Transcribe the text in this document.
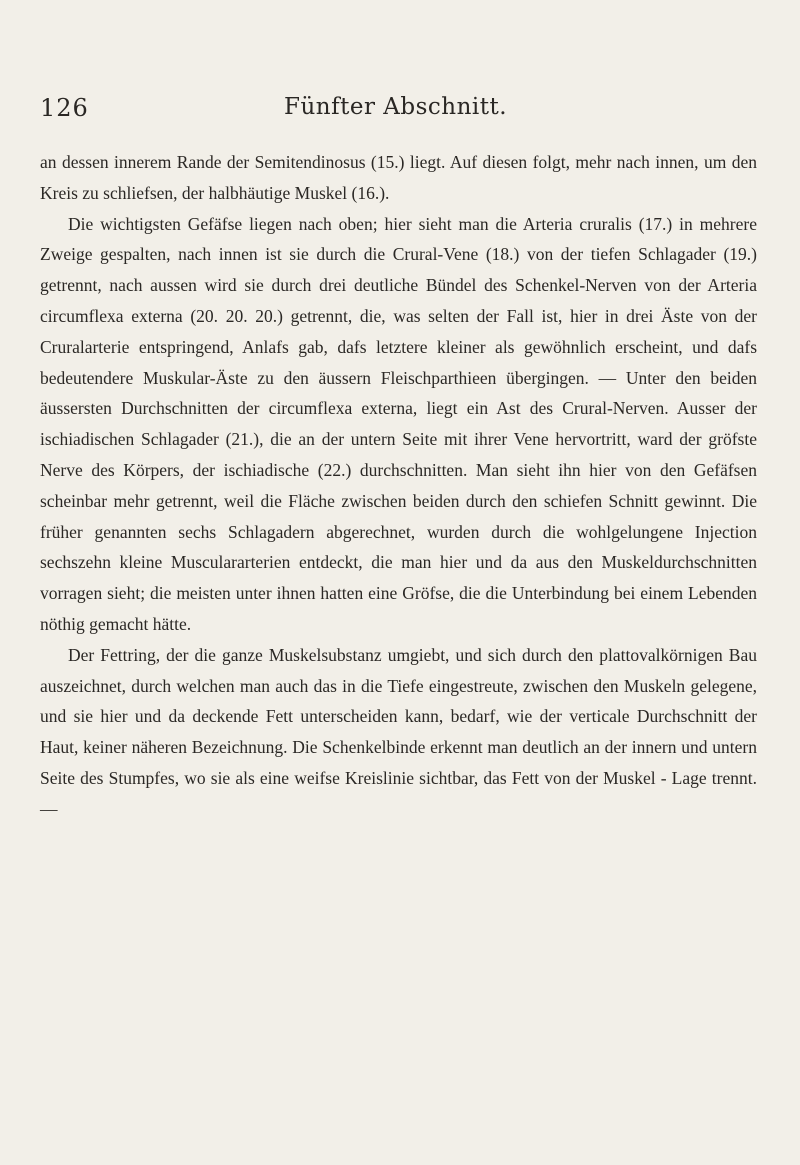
126	Fünfter Abschnitt.

an dessen innerem Rande der Semitendinosus (15.) liegt. Auf diesen folgt, mehr nach innen, um den Kreis zu schliefsen, der halbhäutige Muskel (16.).

Die wichtigsten Gefäfse liegen nach oben; hier sieht man die Arteria cruralis (17.) in mehrere Zweige gespalten, nach innen ist sie durch die Crural-Vene (18.) von der tiefen Schlagader (19.) getrennt, nach aussen wird sie durch drei deutliche Bündel des Schenkel-Nerven von der Arteria circumflexa externa (20. 20. 20.) getrennt, die, was selten der Fall ist, hier in drei Äste von der Cruralarterie entspringend, Anlafs gab, dafs letztere kleiner als gewöhnlich erscheint, und dafs bedeutendere Muskular-Äste zu den äussern Fleischparthieen übergingen. — Unter den beiden äussersten Durchschnitten der circumflexa externa, liegt ein Ast des Crural-Nerven. Ausser der ischiadischen Schlagader (21.), die an der untern Seite mit ihrer Vene hervortritt, ward der gröfste Nerve des Körpers, der ischiadische (22.) durchschnitten. Man sieht ihn hier von den Gefäfsen scheinbar mehr getrennt, weil die Fläche zwischen beiden durch den schiefen Schnitt gewinnt. Die früher genannten sechs Schlagadern abgerechnet, wurden durch die wohlgelungene Injection sechszehn kleine Musculararterien entdeckt, die man hier und da aus den Muskeldurchschnitten vorragen sieht; die meisten unter ihnen hatten eine Gröfse, die die Unterbindung bei einem Lebenden nöthig gemacht hätte.

Der Fettring, der die ganze Muskelsubstanz umgiebt, und sich durch den plattovalkörnigen Bau auszeichnet, durch welchen man auch das in die Tiefe eingestreute, zwischen den Muskeln gelegene, und sie hier und da deckende Fett unterscheiden kann, bedarf, wie der verticale Durchschnitt der Haut, keiner näheren Bezeichnung. Die Schenkelbinde erkennt man deutlich an der innern und untern Seite des Stumpfes, wo sie als eine weifse Kreislinie sichtbar, das Fett von der Muskel - Lage trennt. —
